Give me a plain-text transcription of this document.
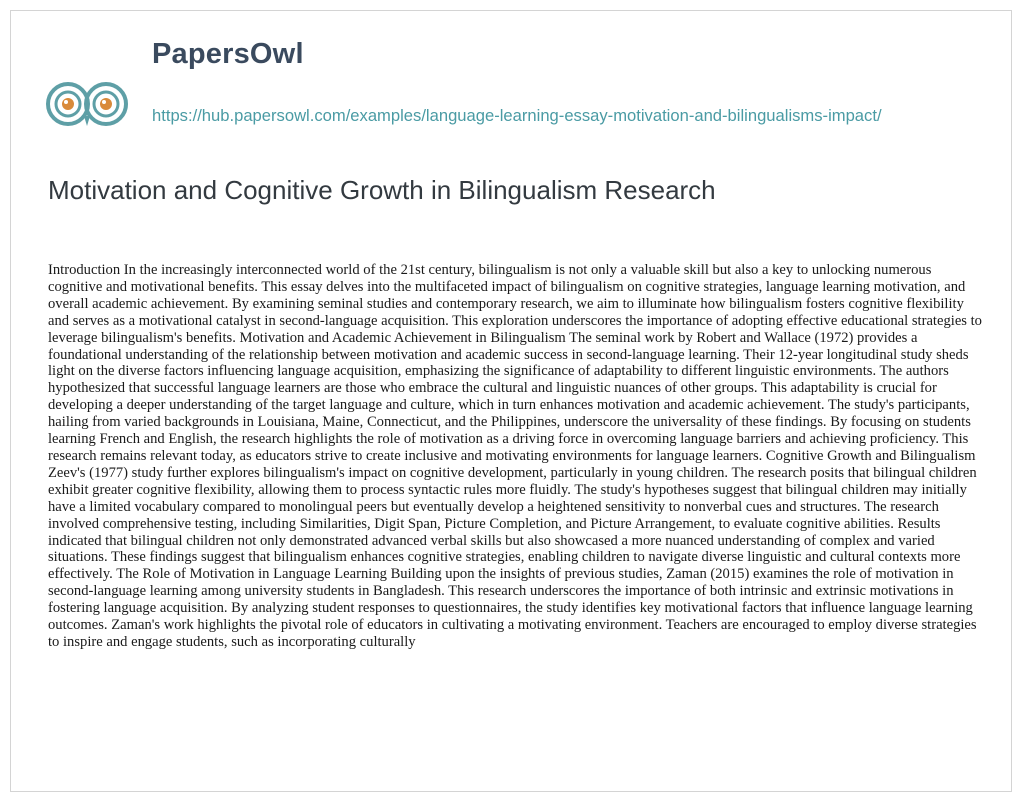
PapersOwl
https://hub.papersowl.com/examples/language-learning-essay-motivation-and-bilingualisms-impact/
Motivation and Cognitive Growth in Bilingualism Research

Introduction In the increasingly interconnected world of the 21st century, bilingualism is not only a valuable skill but also a key to unlocking numerous cognitive and motivational benefits. This essay delves into the multifaceted impact of bilingualism on cognitive strategies, language learning motivation, and overall academic achievement. By examining seminal studies and contemporary research, we aim to illuminate how bilingualism fosters cognitive flexibility and serves as a motivational catalyst in second-language acquisition. This exploration underscores the importance of adopting effective educational strategies to leverage bilingualism's benefits. Motivation and Academic Achievement in Bilingualism The seminal work by Robert and Wallace (1972) provides a foundational understanding of the relationship between motivation and academic success in second-language learning. Their 12-year longitudinal study sheds light on the diverse factors influencing language acquisition, emphasizing the significance of adaptability to different linguistic environments. The authors hypothesized that successful language learners are those who embrace the cultural and linguistic nuances of other groups. This adaptability is crucial for developing a deeper understanding of the target language and culture, which in turn enhances motivation and academic achievement. The study's participants, hailing from varied backgrounds in Louisiana, Maine, Connecticut, and the Philippines, underscore the universality of these findings. By focusing on students learning French and English, the research highlights the role of motivation as a driving force in overcoming language barriers and achieving proficiency. This research remains relevant today, as educators strive to create inclusive and motivating environments for language learners. Cognitive Growth and Bilingualism Zeev's (1977) study further explores bilingualism's impact on cognitive development, particularly in young children. The research posits that bilingual children exhibit greater cognitive flexibility, allowing them to process syntactic rules more fluidly. The study's hypotheses suggest that bilingual children may initially have a limited vocabulary compared to monolingual peers but eventually develop a heightened sensitivity to nonverbal cues and structures. The research involved comprehensive testing, including Similarities, Digit Span, Picture Completion, and Picture Arrangement, to evaluate cognitive abilities. Results indicated that bilingual children not only demonstrated advanced verbal skills but also showcased a more nuanced understanding of complex and varied situations. These findings suggest that bilingualism enhances cognitive strategies, enabling children to navigate diverse linguistic and cultural contexts more effectively. The Role of Motivation in Language Learning Building upon the insights of previous studies, Zaman (2015) examines the role of motivation in second-language learning among university students in Bangladesh. This research underscores the importance of both intrinsic and extrinsic motivations in fostering language acquisition. By analyzing student responses to questionnaires, the study identifies key motivational factors that influence language learning outcomes. Zaman's work highlights the pivotal role of educators in cultivating a motivating environment. Teachers are encouraged to employ diverse strategies to inspire and engage students, such as incorporating culturally
